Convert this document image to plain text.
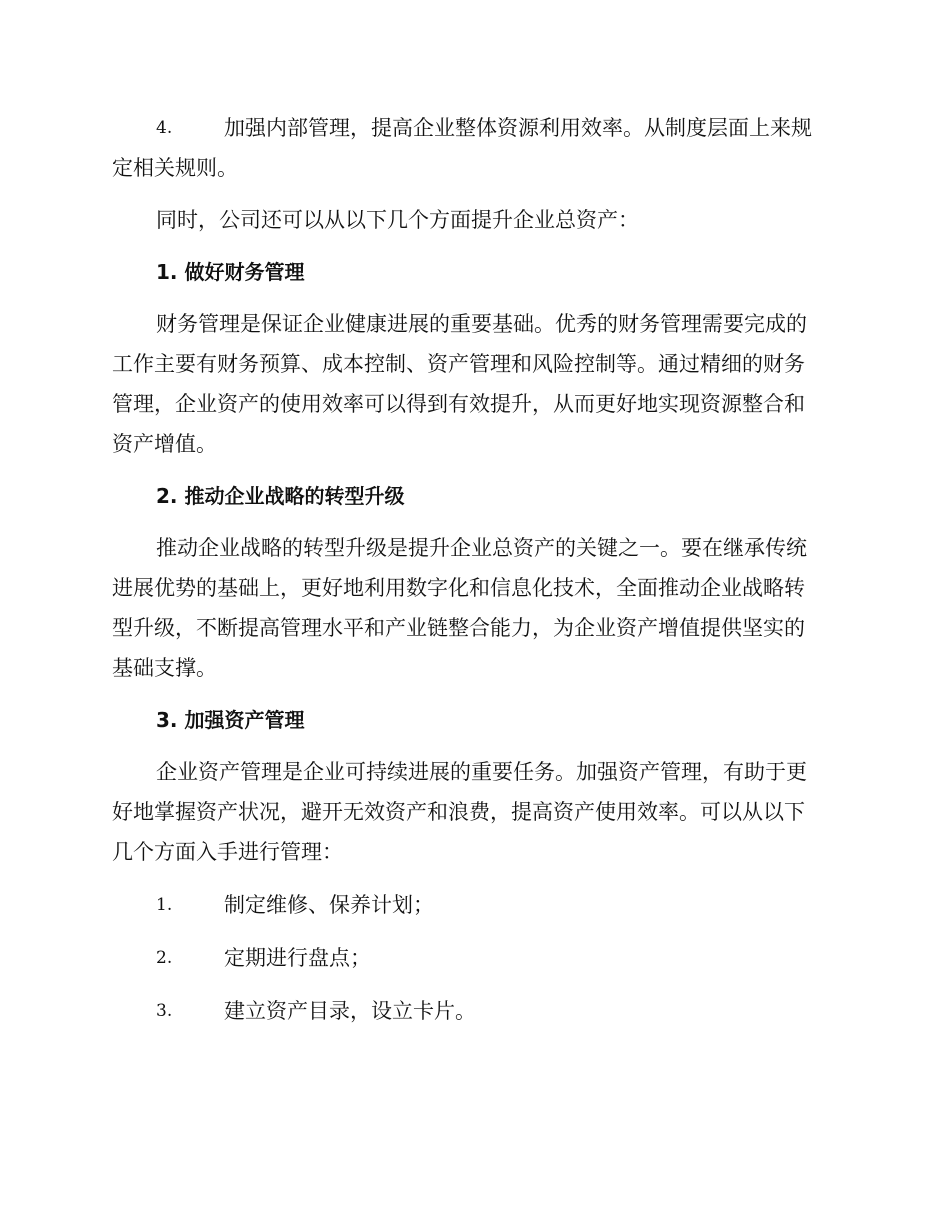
4. 加强内部管理，提高企业整体资源利用效率。从制度层面上来规
定相关规则。
同时，公司还可以从以下几个方面提升企业总资产：
1. 做好财务管理
财务管理是保证企业健康进展的重要基础。优秀的财务管理需要完成的
工作主要有财务预算、成本控制、资产管理和风险控制等。通过精细的财务
管理，企业资产的使用效率可以得到有效提升，从而更好地实现资源整合和
资产增值。
2. 推动企业战略的转型升级
推动企业战略的转型升级是提升企业总资产的关键之一。要在继承传统
进展优势的基础上，更好地利用数字化和信息化技术，全面推动企业战略转
型升级，不断提高管理水平和产业链整合能力，为企业资产增值提供坚实的
基础支撑。
3. 加强资产管理
企业资产管理是企业可持续进展的重要任务。加强资产管理，有助于更
好地掌握资产状况，避开无效资产和浪费，提高资产使用效率。可以从以下
几个方面入手进行管理：
1. 制定维修、保养计划；
2. 定期进行盘点；
3. 建立资产目录，设立卡片。
